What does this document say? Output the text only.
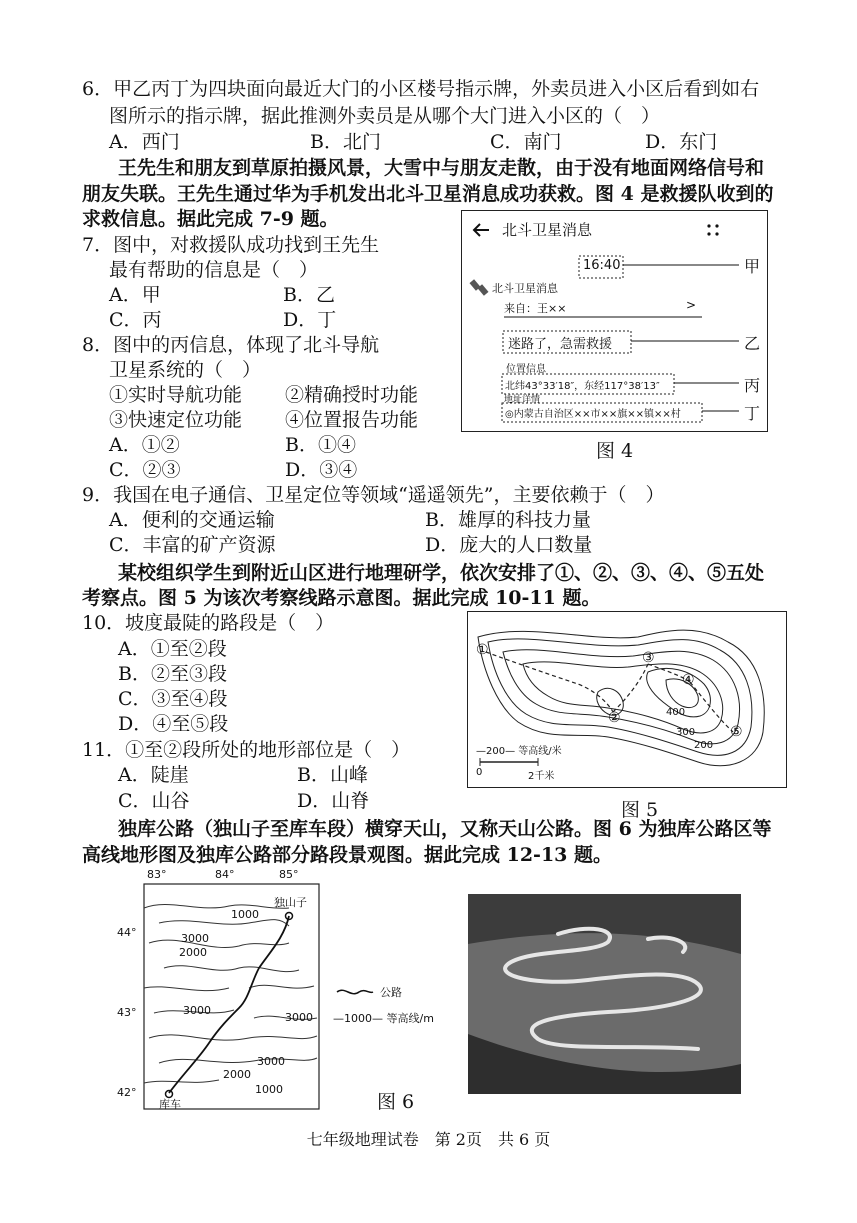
6．甲乙丙丁为四块面向最近大门的小区楼号指示牌，外卖员进入小区后看到如右
图所示的指示牌，据此推测外卖员是从哪个大门进入小区的（　）
A．西门	B．北门	C．南门	D．东门
王先生和朋友到草原拍摄风景，大雪中与朋友走散，由于没有地面网络信号和
朋友失联。王先生通过华为手机发出北斗卫星消息成功获救。图 4 是救援队收到的
求救信息。据此完成 7-9 题。
7．图中，对救援队成功找到王先生
最有帮助的信息是（　）
A．甲	B．乙
C．丙	D．丁
8．图中的丙信息，体现了北斗导航
卫星系统的（　）
①实时导航功能 ②精确授时功能
③快速定位功能 ④位置报告功能
A．①②	B．①④
C．②③	D．③④
北斗卫星消息
16:40	甲
北斗卫星消息
来自：王××	>
迷路了，急需救援	乙
位置信息
北纬43°33′18″，东经117°38′13″	丙
地址详情
◎内蒙古自治区××市××旗××镇××村	丁
图 4
9．我国在电子通信、卫星定位等领域“遥遥领先”，主要依赖于（　）
A．便利的交通运输	B．雄厚的科技力量
C．丰富的矿产资源	D．庞大的人口数量
某校组织学生到附近山区进行地理研学，依次安排了①、②、③、④、⑤五处
考察点。图 5 为该次考察线路示意图。据此完成 10-11 题。
10．坡度最陡的路段是（　）
A．①至②段
B．②至③段
C．③至④段
D．④至⑤段
11．①至②段所处的地形部位是（　）
A．陡崖	B．山峰
C．山谷	D．山脊
①
②
③
④
⑤
400
300
200
—200— 等高线/米
0	2千米
图 5
独库公路（独山子至库车段）横穿天山，又称天山公路。图 6 为独库公路区等
高线地形图及独库公路部分路段景观图。据此完成 12-13 题。
83°	84°	85°
44°
43°
42°
1000
3000
2000
3000
3000
3000
2000
1000
独山子
库车
公路
—1000— 等高线/m
图 6
七年级地理试卷　第 2页　共 6 页
